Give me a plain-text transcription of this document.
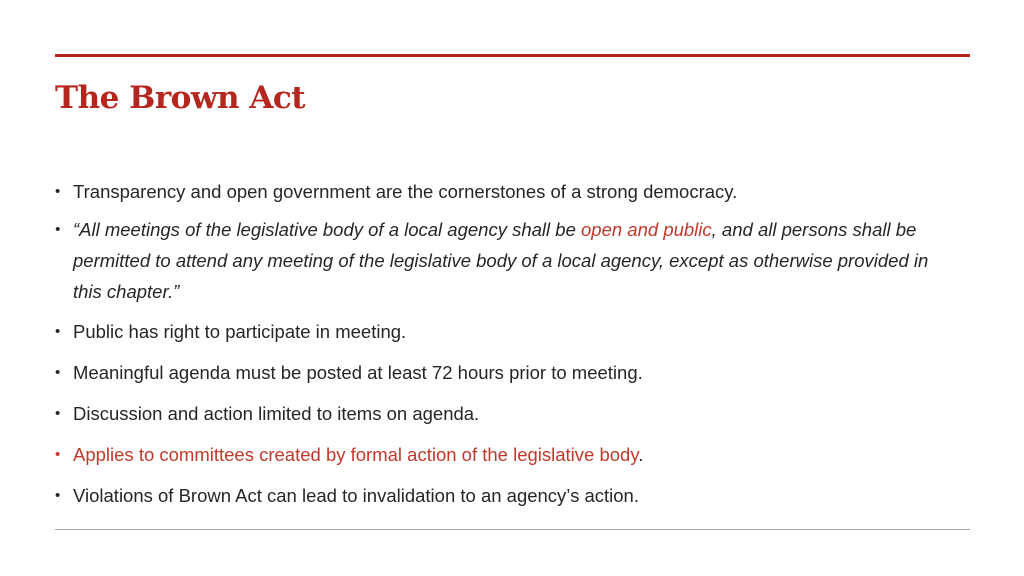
The Brown Act
• Transparency and open government are the cornerstones of a strong democracy.
• “All meetings of the legislative body of a local agency shall be open and public, and all persons shall be permitted to attend any meeting of the legislative body of a local agency, except as otherwise provided in this chapter.”
• Public has right to participate in meeting.
• Meaningful agenda must be posted at least 72 hours prior to meeting.
• Discussion and action limited to items on agenda.
• Applies to committees created by formal action of the legislative body.
• Violations of Brown Act can lead to invalidation to an agency’s action.
